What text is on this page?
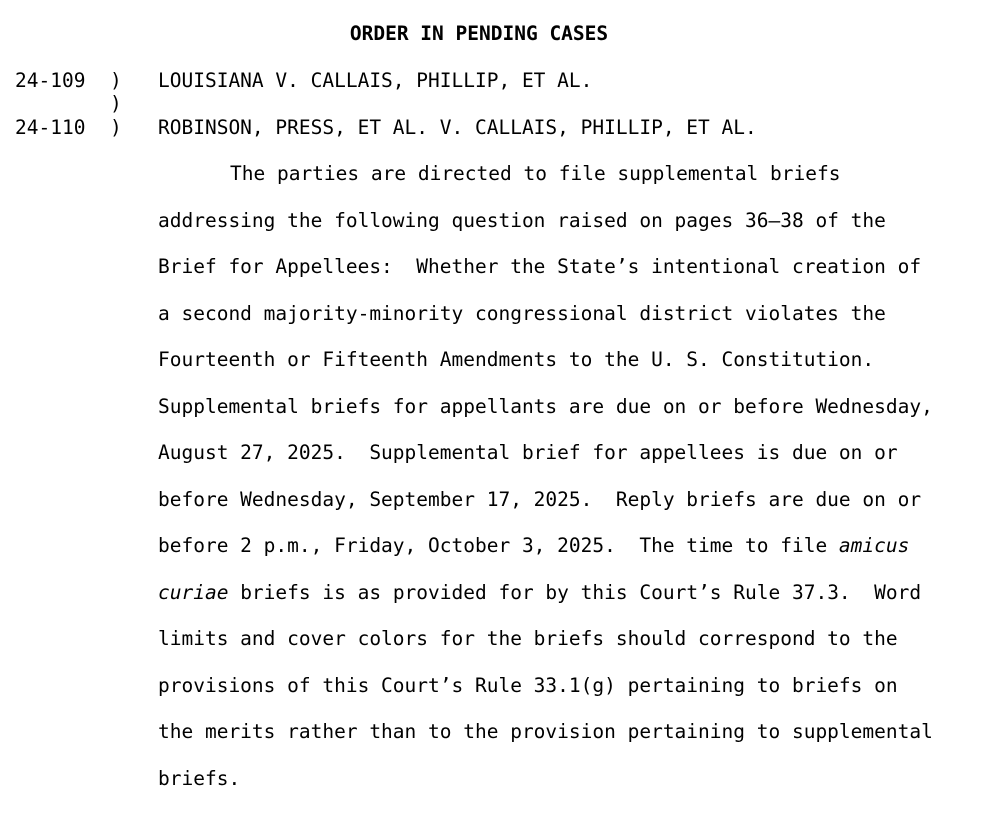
ORDER IN PENDING CASES
24-109 ) LOUISIANA V. CALLAIS, PHILLIP, ET AL.
)
24-110 ) ROBINSON, PRESS, ET AL. V. CALLAIS, PHILLIP, ET AL.
The parties are directed to file supplemental briefs
addressing the following question raised on pages 36–38 of the
Brief for Appellees:  Whether the State’s intentional creation of
a second majority-minority congressional district violates the
Fourteenth or Fifteenth Amendments to the U. S. Constitution.
Supplemental briefs for appellants are due on or before Wednesday,
August 27, 2025.  Supplemental brief for appellees is due on or
before Wednesday, September 17, 2025.  Reply briefs are due on or
before 2 p.m., Friday, October 3, 2025.  The time to file amicus
curiae briefs is as provided for by this Court’s Rule 37.3.  Word
limits and cover colors for the briefs should correspond to the
provisions of this Court’s Rule 33.1(g) pertaining to briefs on
the merits rather than to the provision pertaining to supplemental
briefs.
